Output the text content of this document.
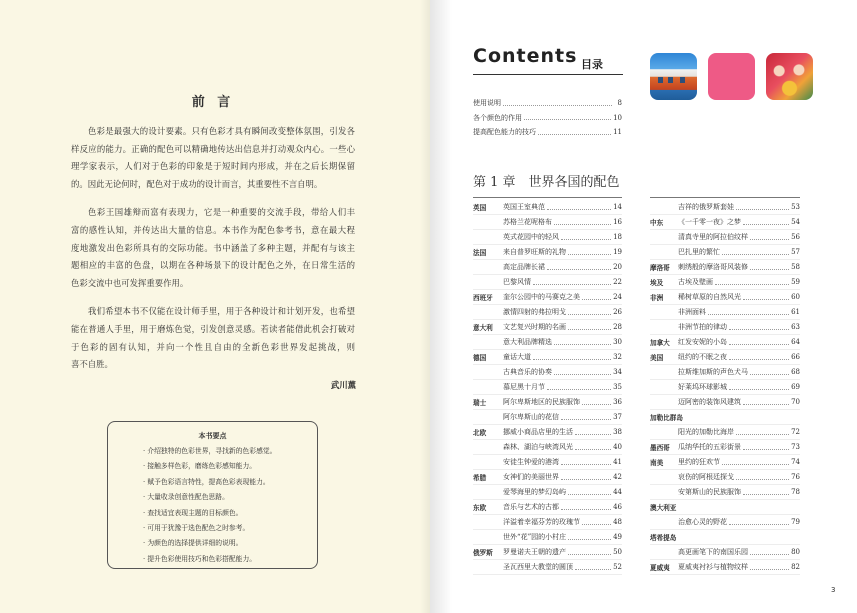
前 言
色彩是最强大的设计要素。只有色彩才具有瞬间改变整体氛围，引发各
样反应的能力。正确的配色可以精确地传达出信息并打动观众内心。一些心
理学家表示，人们对于色彩的印象是于短时间内形成，并在之后长期保留
的。因此无论何时，配色对于成功的设计而言，其重要性不言自明。
色彩王国雄辩而富有表现力，它是一种重要的交流手段，带给人们丰
富的感性认知，并传达出大量的信息。本书作为配色参考书，意在最大程
度地激发出色彩所具有的交际功能。书中涵盖了多种主题，并配有与该主
题相应的丰富的色盘，以期在各种场景下的设计配色之外，在日常生活的
色彩交流中也可发挥重要作用。
我们希望本书不仅能在设计师手里，用于各种设计和计划开发，也希望
能在普通人手里，用于磨炼色觉，引发创意灵感。若读者能借此机会打破对
于色彩的固有认知，并向一个性且自由的全新色彩世界发起挑战，则
喜不自胜。
武川薫
本书要点
· 介绍独特的色彩世界，寻找新的色彩感觉。
· 接触多样色彩，磨练色彩感知能力。
· 赋予色彩语言特性，提高色彩表现能力。
· 大量收录创意性配色思路。
· 查找适宜表现主题的目标颜色。
· 可用于犹豫于选色配色之时参考。
· 为颜色的选择提供详细的说明。
· 提升色彩使用技巧和色彩搭配能力。
Contents 目录
使用说明	8
各个颜色的作用	10
提高配色能力的技巧	11
第 1 章　世界各国的配色
英国	英国王室典范	14
苏格兰花呢格布	16
英式花园中的轻风	18
法国	来自普罗旺斯的礼物	19
高定品牌长裙	20
巴黎风情	22
西班牙	奎尔公园中的马赛克之美	24
激情四射的弗拉明戈	26
意大利	文艺复兴时期的名画	28
意大利品牌精选	30
德国	童话大道	32
古典音乐的协奏	34
慕尼黑十月节	35
瑞士	阿尔卑斯地区的民族服饰	36
阿尔卑斯山的花信	37
北欧	挪威小商品店里的生活	38
森林、湖泊与峡湾风光	40
安徒生钟爱的港湾	41
希腊	女神们的美丽世界	42
爱琴海里的梦幻岛屿	44
东欧	音乐与艺术的古都	46
洋溢着幸福芬芳的玫瑰节	48
世外“花”园的小村庄	49
俄罗斯	罗曼诺夫王朝的遗产	50
圣瓦西里大教堂的圆顶	52
吉祥的俄罗斯套娃	53
中东	《一千零一夜》之梦	54
清真寺里的阿拉伯纹样	56
巴扎里的繁忙	57
摩洛哥	刺绣般的摩洛哥风装修	58
埃及	古埃及壁画	59
非洲	稀树草原的自然风光	60
非洲面料	61
非洲节拍的律动	63
加拿大	红发安妮的小岛	64
美国	纽约的不眠之夜	66
拉斯维加斯的声色犬马	68
好莱坞环球影城	69
迈阿密的装饰风建筑	70
加勒比群岛
阳光的加勒比海岸	72
墨西哥	瓜纳华托的五彩街景	73
南美	里约的狂欢节	74
哀伤的阿根廷探戈	76
安第斯山的民族服饰	78
澳大利亚
治愈心灵的野花	79
塔希提岛
高更画笔下的南国乐园	80
夏威夷	夏威夷衬衫与植物纹样	82
3
